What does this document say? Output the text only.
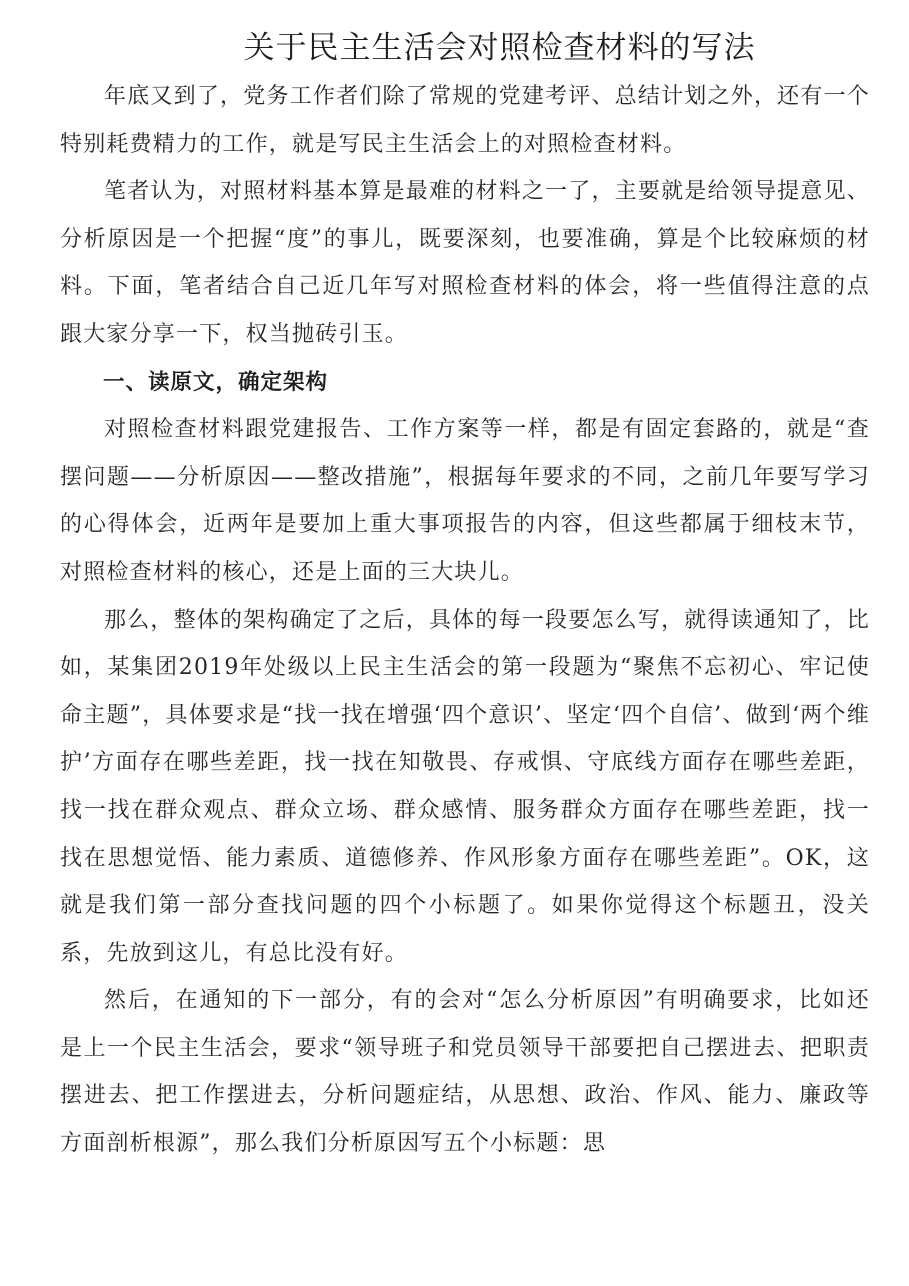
关于民主生活会对照检查材料的写法

年底又到了，党务工作者们除了常规的党建考评、总结计划之外，还有一个特别耗费精力的工作，就是写民主生活会上的对照检查材料。

笔者认为，对照材料基本算是最难的材料之一了，主要就是给领导提意见、分析原因是一个把握“度”的事儿，既要深刻，也要准确，算是个比较麻烦的材料。下面，笔者结合自己近几年写对照检查材料的体会，将一些值得注意的点跟大家分享一下，权当抛砖引玉。

一、读原文，确定架构

对照检查材料跟党建报告、工作方案等一样，都是有固定套路的，就是“查摆问题——分析原因——整改措施”，根据每年要求的不同，之前几年要写学习的心得体会，近两年是要加上重大事项报告的内容，但这些都属于细枝末节，对照检查材料的核心，还是上面的三大块儿。

那么，整体的架构确定了之后，具体的每一段要怎么写，就得读通知了，比如，某集团2019年处级以上民主生活会的第一段题为“聚焦不忘初心、牢记使命主题”，具体要求是“找一找在增强‘四个意识’、坚定‘四个自信’、做到‘两个维护’方面存在哪些差距，找一找在知敬畏、存戒惧、守底线方面存在哪些差距，找一找在群众观点、群众立场、群众感情、服务群众方面存在哪些差距，找一找在思想觉悟、能力素质、道德修养、作风形象方面存在哪些差距”。OK，这就是我们第一部分查找问题的四个小标题了。如果你觉得这个标题丑，没关系，先放到这儿，有总比没有好。

然后，在通知的下一部分，有的会对“怎么分析原因”有明确要求，比如还是上一个民主生活会，要求“领导班子和党员领导干部要把自己摆进去、把职责摆进去、把工作摆进去，分析问题症结，从思想、政治、作风、能力、廉政等方面剖析根源”，那么我们分析原因写五个小标题：思
